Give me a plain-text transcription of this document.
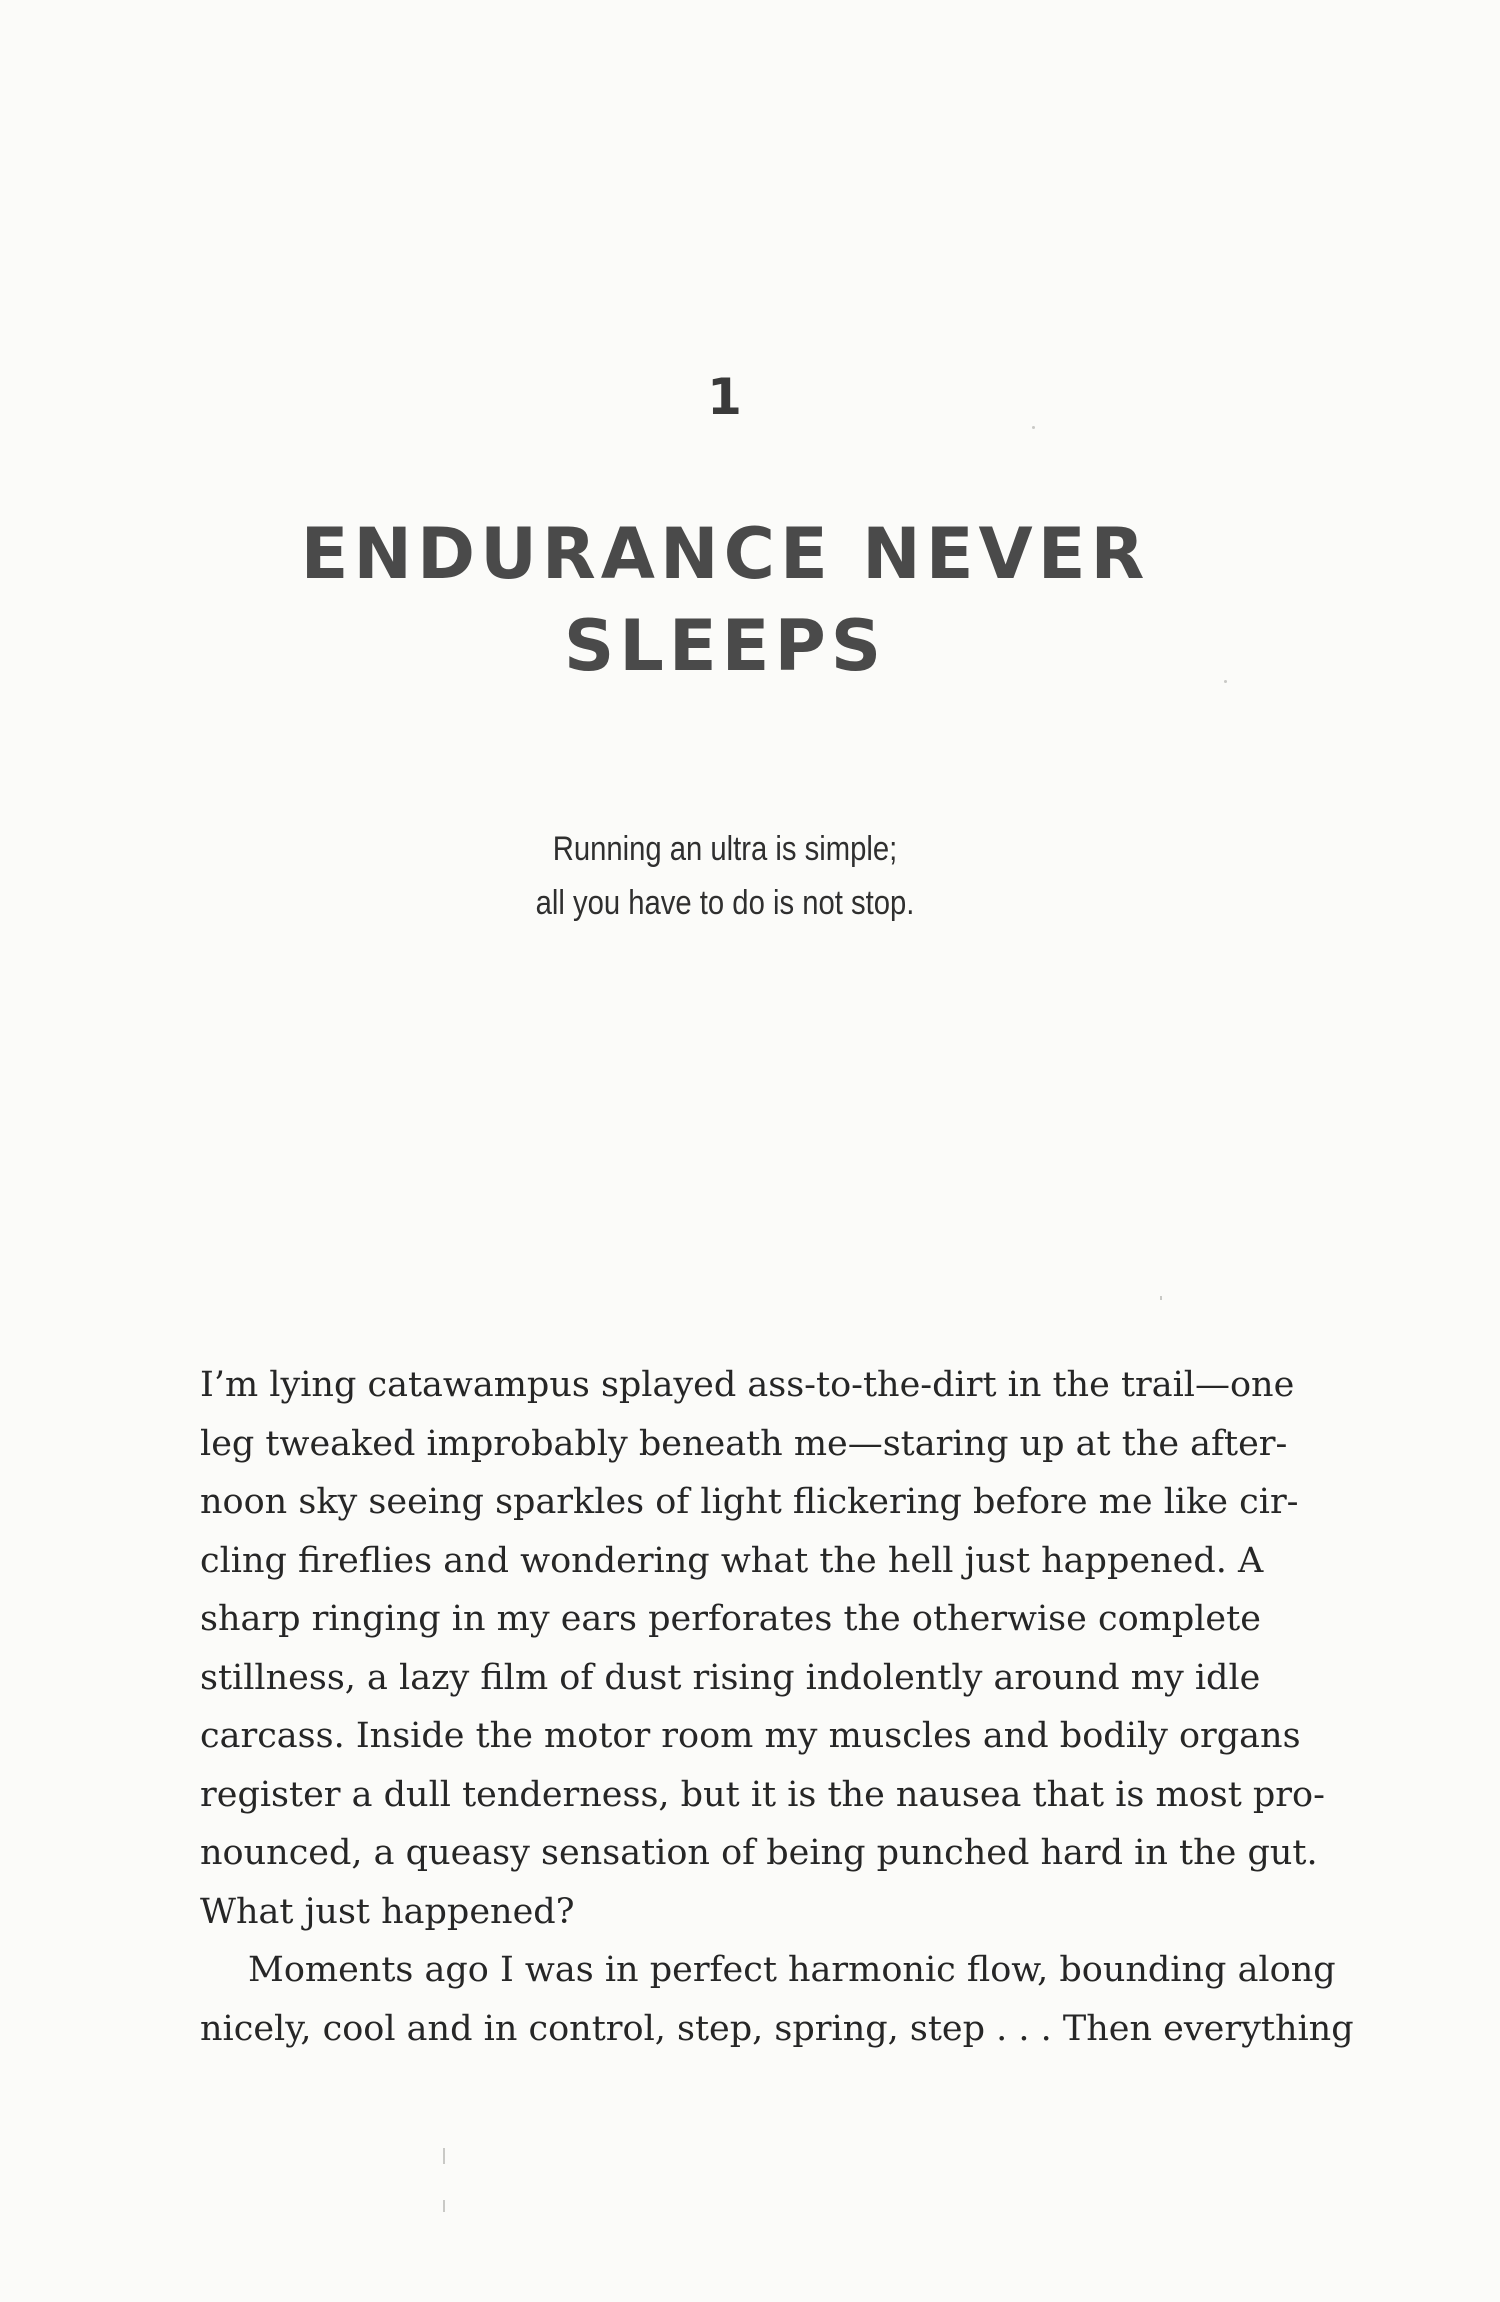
1
ENDURANCE NEVER
SLEEPS
Running an ultra is simple;
all you have to do is not stop.

I’m lying catawampus splayed ass-to-the-dirt in the trail—one
leg tweaked improbably beneath me—staring up at the after-
noon sky seeing sparkles of light flickering before me like cir-
cling fireflies and wondering what the hell just happened. A
sharp ringing in my ears perforates the otherwise complete
stillness, a lazy film of dust rising indolently around my idle
carcass. Inside the motor room my muscles and bodily organs
register a dull tenderness, but it is the nausea that is most pro-
nounced, a queasy sensation of being punched hard in the gut.
What just happened?

Moments ago I was in perfect harmonic flow, bounding along
nicely, cool and in control, step, spring, step . . . Then everything
